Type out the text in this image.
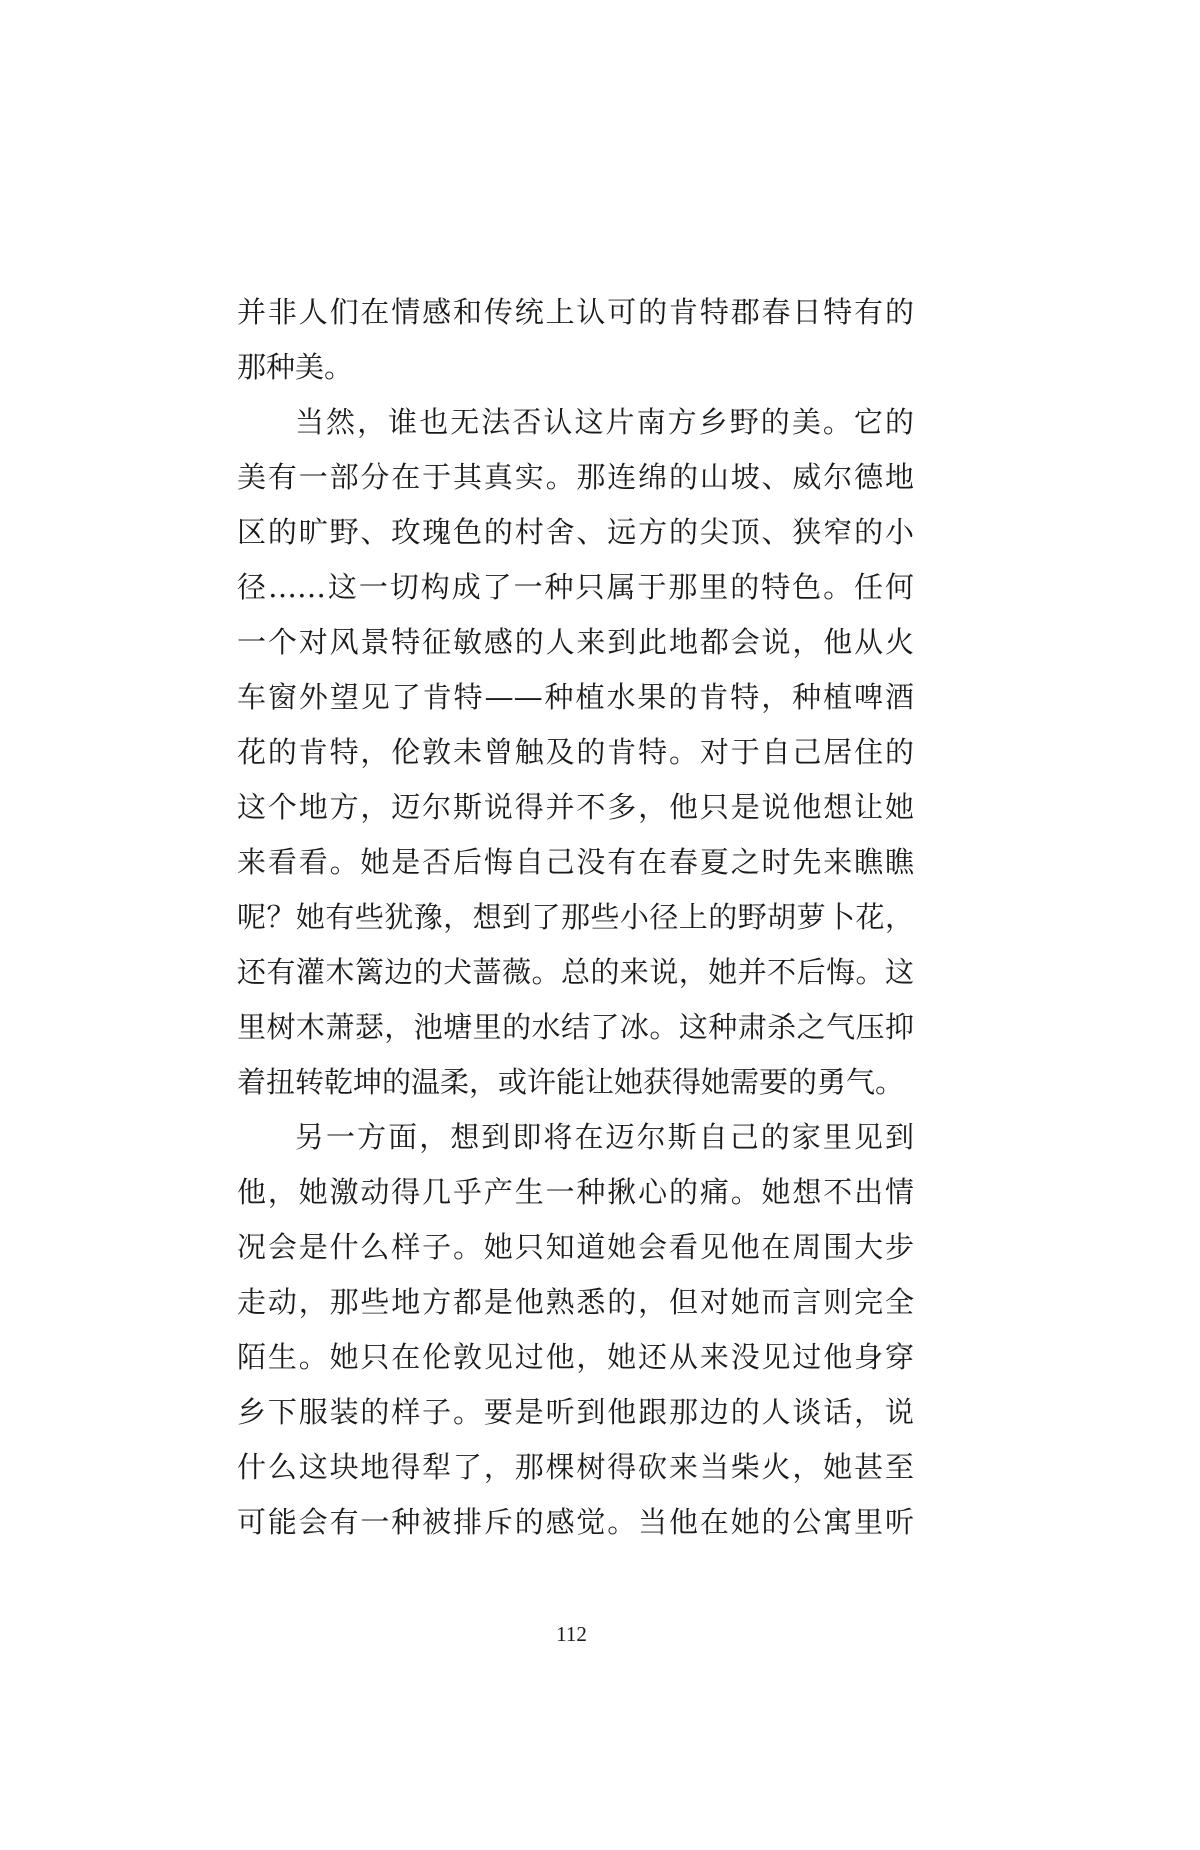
并非人们在情感和传统上认可的肯特郡春日特有的
那种美。
当然，谁也无法否认这片南方乡野的美。它的
美有一部分在于其真实。那连绵的山坡、威尔德地
区的旷野、玫瑰色的村舍、远方的尖顶、狭窄的小
径……这一切构成了一种只属于那里的特色。任何
一个对风景特征敏感的人来到此地都会说，他从火
车窗外望见了肯特——种植水果的肯特，种植啤酒
花的肯特，伦敦未曾触及的肯特。对于自己居住的
这个地方，迈尔斯说得并不多，他只是说他想让她
来看看。她是否后悔自己没有在春夏之时先来瞧瞧
呢？她有些犹豫，想到了那些小径上的野胡萝卜花，
还有灌木篱边的犬蔷薇。总的来说，她并不后悔。这
里树木萧瑟，池塘里的水结了冰。这种肃杀之气压抑
着扭转乾坤的温柔，或许能让她获得她需要的勇气。
另一方面，想到即将在迈尔斯自己的家里见到
他，她激动得几乎产生一种揪心的痛。她想不出情
况会是什么样子。她只知道她会看见他在周围大步
走动，那些地方都是他熟悉的，但对她而言则完全
陌生。她只在伦敦见过他，她还从来没见过他身穿
乡下服装的样子。要是听到他跟那边的人谈话，说
什么这块地得犁了，那棵树得砍来当柴火，她甚至
可能会有一种被排斥的感觉。当他在她的公寓里听
112
